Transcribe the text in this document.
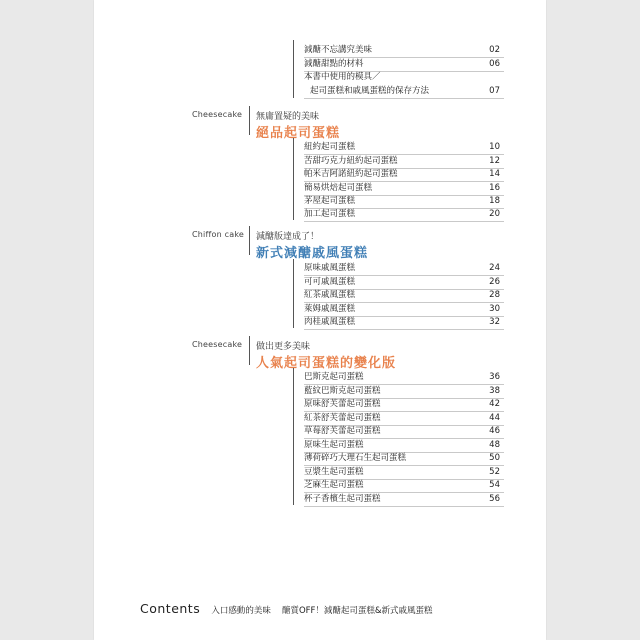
減醣不忘講究美味	02
減醣甜點的材料	06
本書中使用的模具／
起司蛋糕和戚風蛋糕的保存方法	07
Cheesecake 無庸置疑的美味
絕品起司蛋糕
紐約起司蛋糕	10
苦甜巧克力紐約起司蛋糕	12
帕米吉阿諾紐約起司蛋糕	14
簡易烘焙起司蛋糕	16
茅屋起司蛋糕	18
加工起司蛋糕	20
Chiffon cake 減醣版達成了！
新式減醣戚風蛋糕
原味戚風蛋糕	24
可可戚風蛋糕	26
紅茶戚風蛋糕	28
萊姆戚風蛋糕	30
肉桂戚風蛋糕	32
Cheesecake 做出更多美味
人氣起司蛋糕的變化版
巴斯克起司蛋糕	36
藍紋巴斯克起司蛋糕	38
原味舒芙蕾起司蛋糕	42
紅茶舒芙蕾起司蛋糕	44
草莓舒芙蕾起司蛋糕	46
原味生起司蛋糕	48
薄荷碎巧大理石生起司蛋糕	50
豆漿生起司蛋糕	52
芝麻生起司蛋糕	54
杯子香檳生起司蛋糕	56
Contents 入口感動的美味 醣質OFF！減醣起司蛋糕&新式戚風蛋糕
